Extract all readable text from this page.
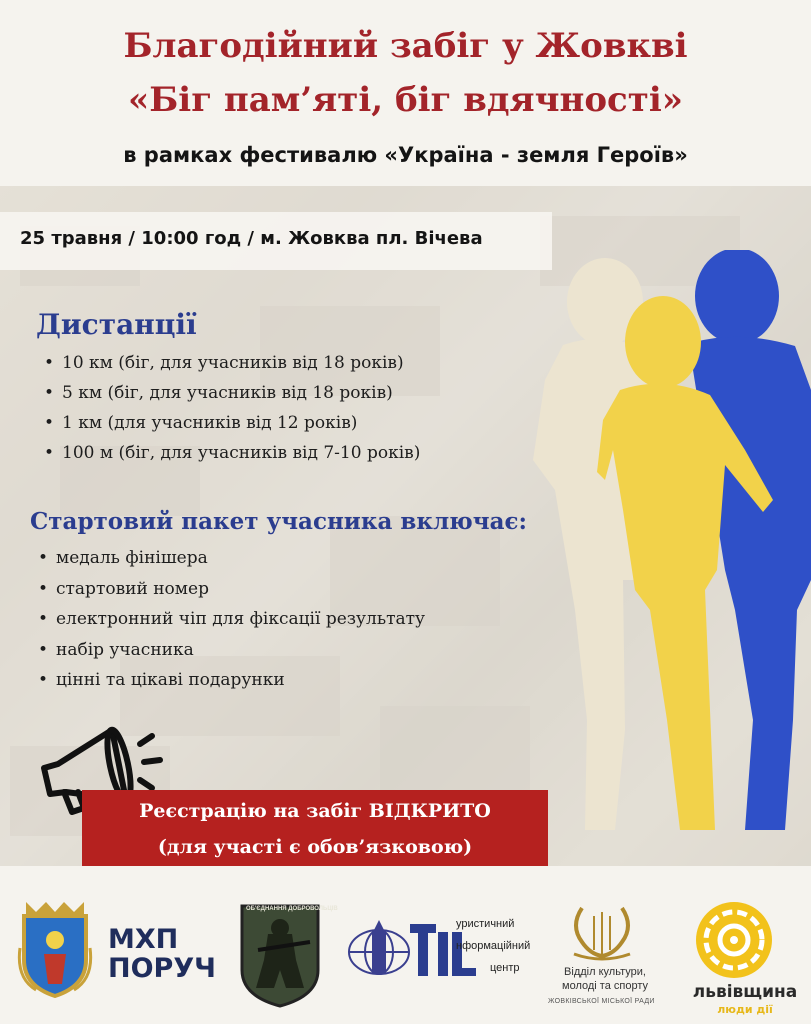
Благодійний забіг у Жовкві
«Біг пам’яті, біг вдячності»
в рамках фестивалю «Україна - земля Героїв»
25 травня / 10:00 год / м. Жовква пл. Вічева
Дистанції
• 10 км (біг, для учасників від 18 років)
• 5 км (біг, для учасників від 18 років)
• 1 км (для учасників від 12 років)
• 100 м (біг, для учасників від 7-10 років)
Стартовий пакет учасника включає:
• медаль фінішера
• стартовий номер
• електронний чіп для фіксації результату
• набір учасника
• цінні та цікаві подарунки
Реєстрацію на забіг ВІДКРИТО
(для участі є обов’язковою)
МХП
ПОРУЧ
ОБ'ЄДНАННЯ ДОБРОВОЛЬЦІВ
уристичний
нформаційний
центр	Відділ культури,
молоді та спорту
ЖОВКІВСЬКОЇ МІСЬКОЇ РАДИ львівщина
люди дії
